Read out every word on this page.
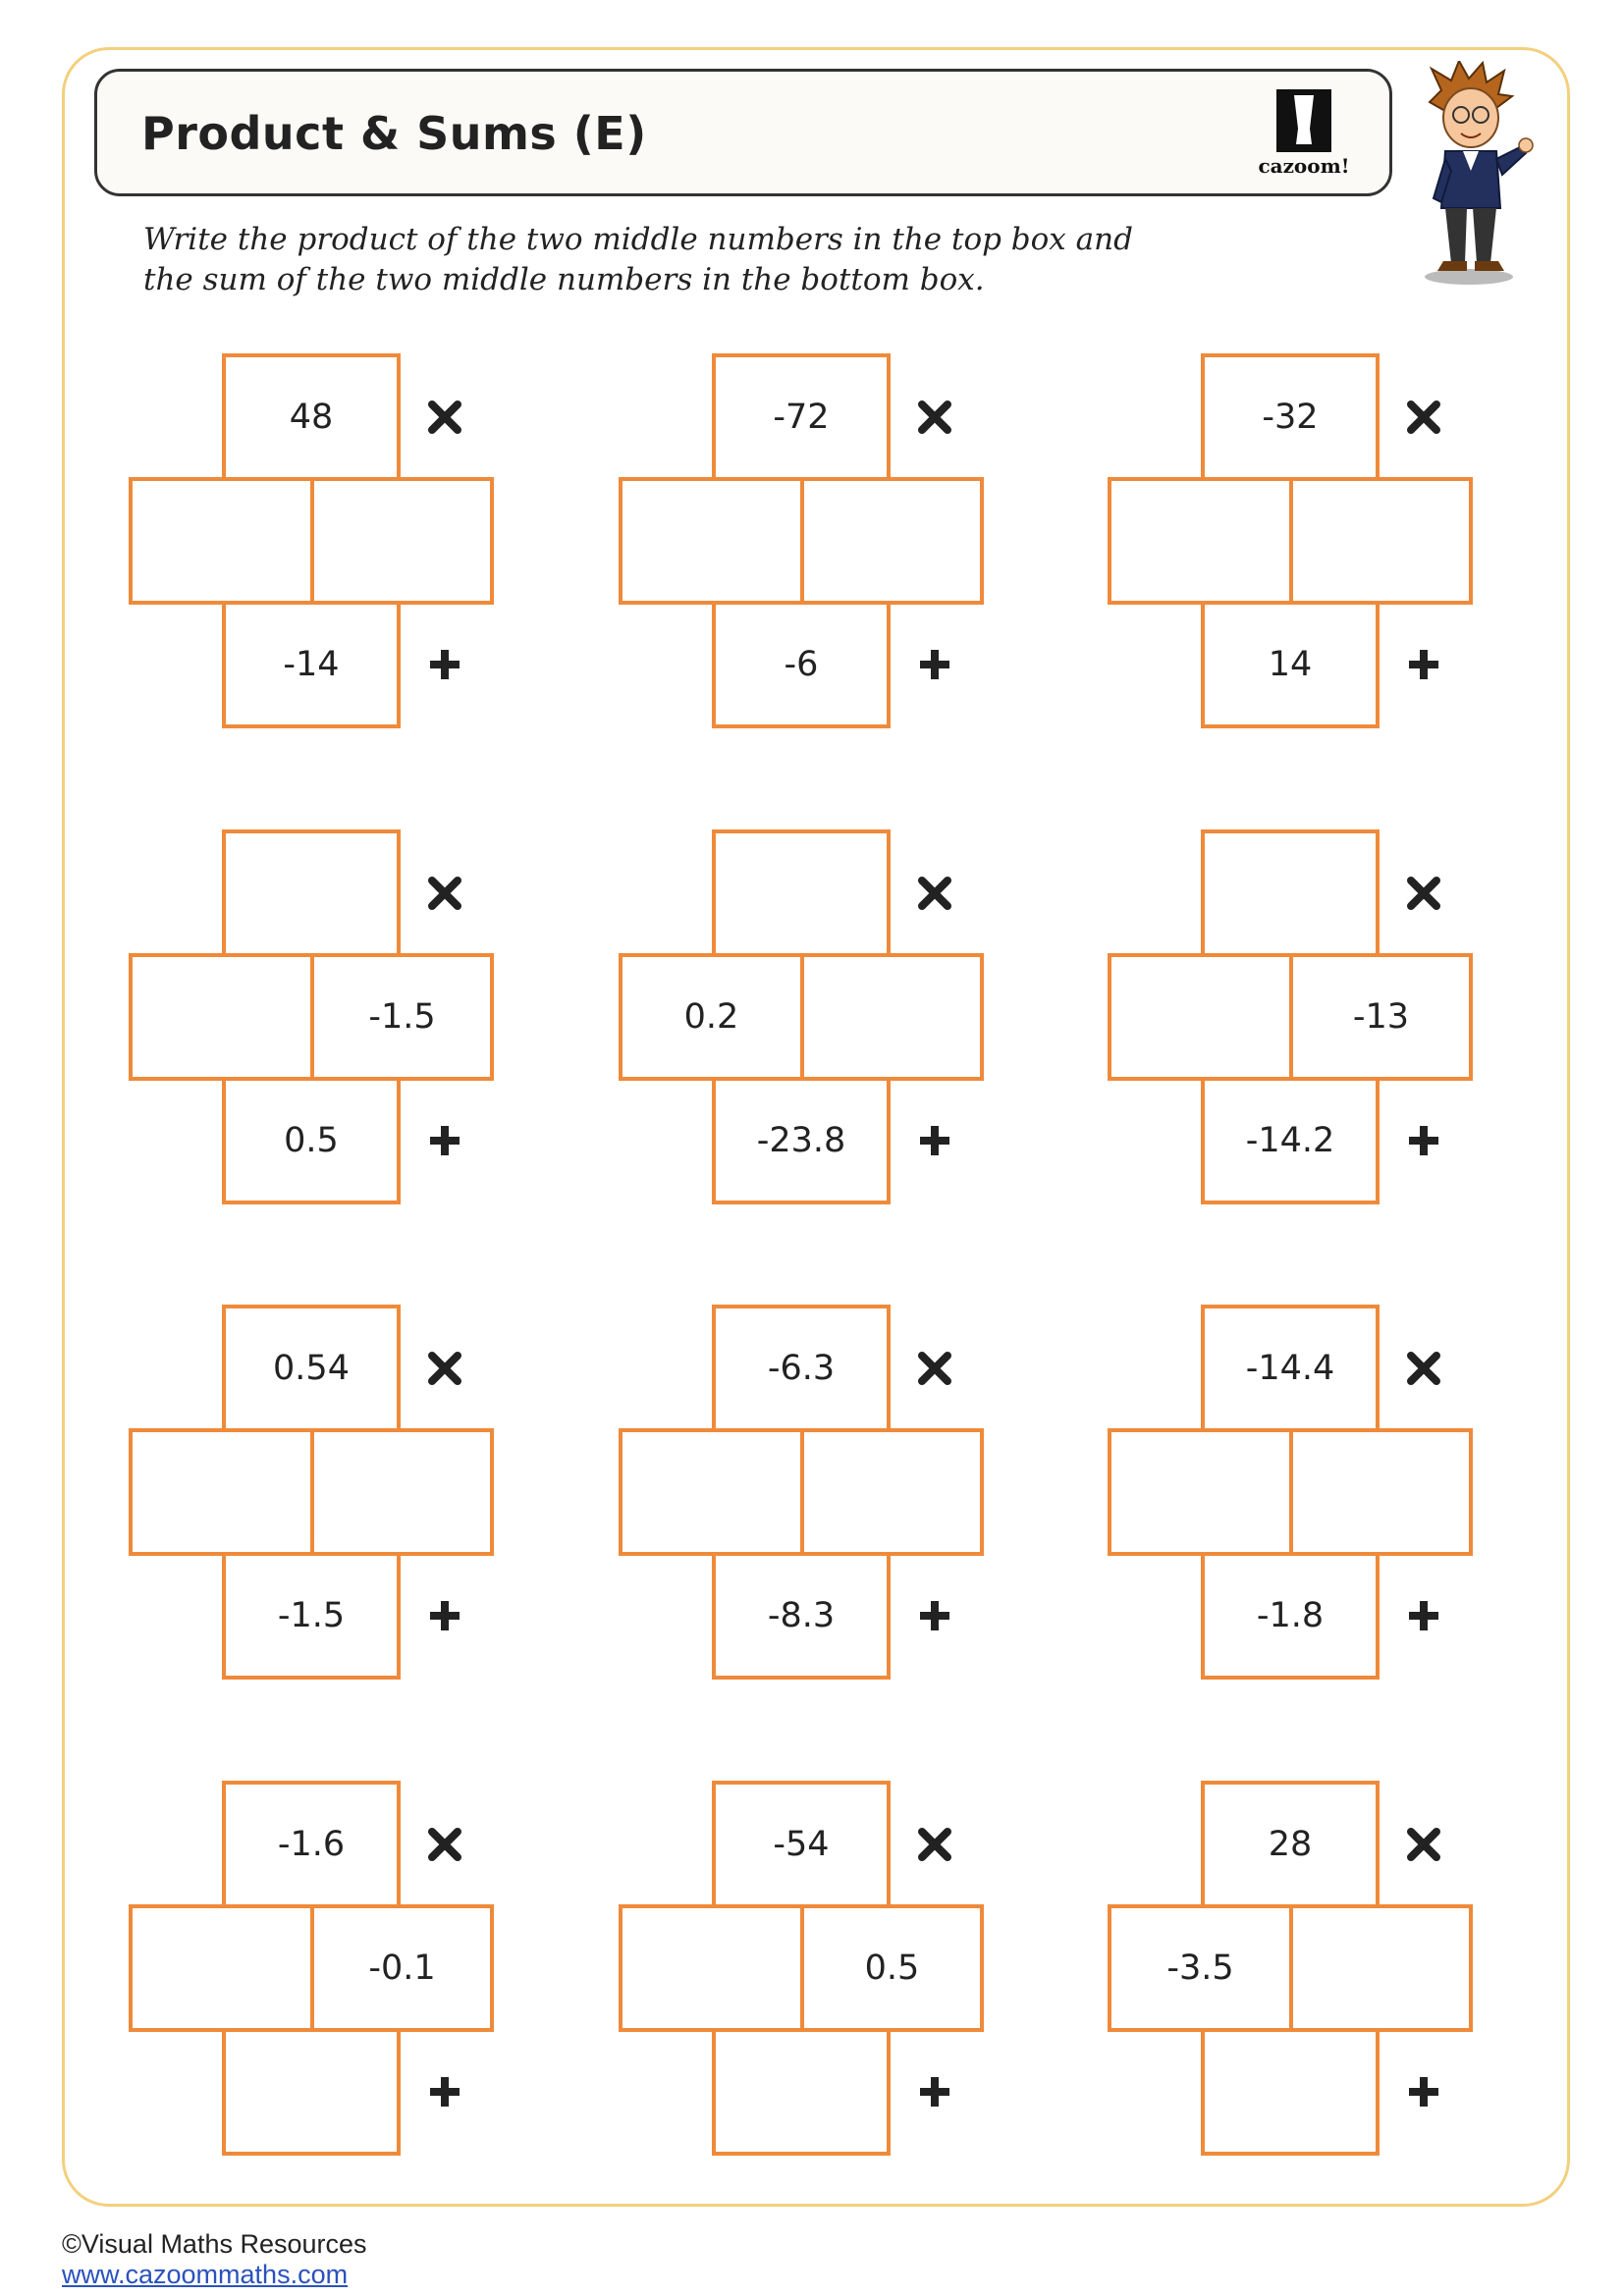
Product & Sums (E)
cazoom!
Write the product of the two middle numbers in the top box and
the sum of the two middle numbers in the bottom box.
48
-14
-72
-6
-32
14
-1.5
0.5
0.2
-23.8
-13
-14.2
0.54
-1.5
-6.3
-8.3
-14.4
-1.8
-1.6
-0.1
-54
0.5
28
-3.5
©Visual Maths Resources
www.cazoommaths.com
